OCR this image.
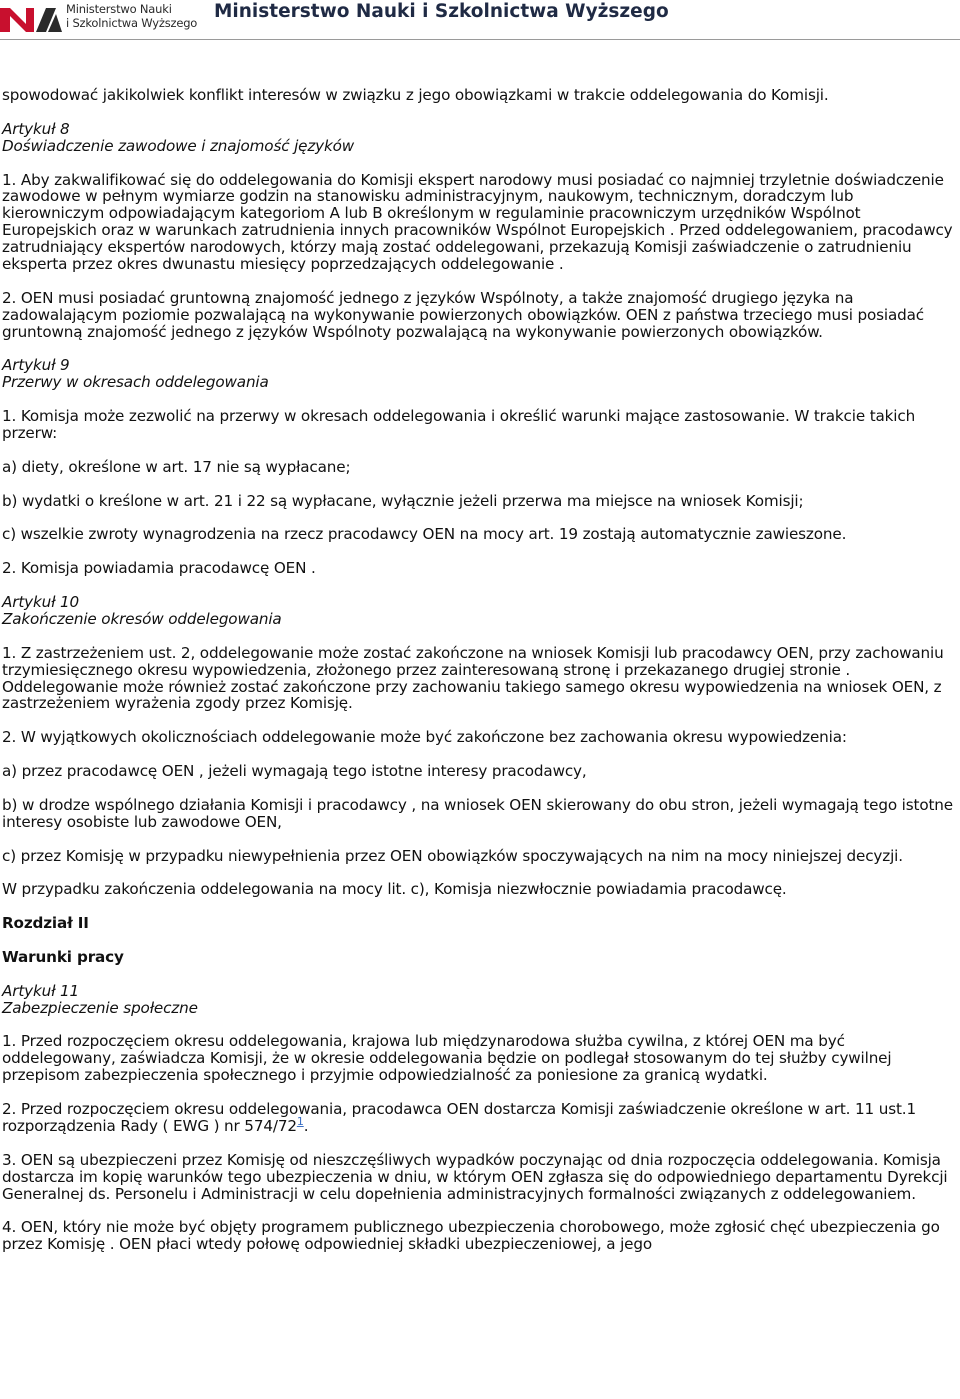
Ministerstwo Nauki
i Szkolnictwa Wyższego
Ministerstwo Nauki i Szkolnictwa Wyższego

spowodować jakikolwiek konflikt interesów w związku z jego obowiązkami w trakcie oddelegowania do Komisji.

Artykuł 8
Doświadczenie zawodowe i znajomość języków

1. Aby zakwalifikować się do oddelegowania do Komisji ekspert narodowy musi posiadać co najmniej trzyletnie doświadczenie zawodowe w pełnym wymiarze godzin na stanowisku administracyjnym, naukowym, technicznym, doradczym lub kierowniczym odpowiadającym kategoriom A lub B określonym w regulaminie pracowniczym urzędników Wspólnot Europejskich oraz w warunkach zatrudnienia innych pracowników Wspólnot Europejskich . Przed oddelegowaniem, pracodawcy zatrudniający ekspertów narodowych, którzy mają zostać oddelegowani, przekazują Komisji zaświadczenie o zatrudnieniu eksperta przez okres dwunastu miesięcy poprzedzających oddelegowanie .

2. OEN musi posiadać gruntowną znajomość jednego z języków Wspólnoty, a także znajomość drugiego języka na zadowalającym poziomie pozwalającą na wykonywanie powierzonych obowiązków. OEN z państwa trzeciego musi posiadać gruntowną znajomość jednego z języków Wspólnoty pozwalającą na wykonywanie powierzonych obowiązków.

Artykuł 9
Przerwy w okresach oddelegowania

1. Komisja może zezwolić na przerwy w okresach oddelegowania i określić warunki mające zastosowanie. W trakcie takich przerw:

a) diety, określone w art. 17 nie są wypłacane;

b) wydatki o kreślone w art. 21 i 22 są wypłacane, wyłącznie jeżeli przerwa ma miejsce na wniosek Komisji;

c) wszelkie zwroty wynagrodzenia na rzecz pracodawcy OEN na mocy art. 19 zostają automatycznie zawieszone.

2. Komisja powiadamia pracodawcę OEN .

Artykuł 10
Zakończenie okresów oddelegowania

1. Z zastrzeżeniem ust. 2, oddelegowanie może zostać zakończone na wniosek Komisji lub pracodawcy OEN, przy zachowaniu trzymiesięcznego okresu wypowiedzenia, złożonego przez zainteresowaną stronę i przekazanego drugiej stronie . Oddelegowanie może również zostać zakończone przy zachowaniu takiego samego okresu wypowiedzenia na wniosek OEN, z zastrzeżeniem wyrażenia zgody przez Komisję.

2. W wyjątkowych okolicznościach oddelegowanie może być zakończone bez zachowania okresu wypowiedzenia:

a) przez pracodawcę OEN , jeżeli wymagają tego istotne interesy pracodawcy,

b) w drodze wspólnego działania Komisji i pracodawcy , na wniosek OEN skierowany do obu stron, jeżeli wymagają tego istotne interesy osobiste lub zawodowe OEN,

c) przez Komisję w przypadku niewypełnienia przez OEN obowiązków spoczywających na nim na mocy niniejszej decyzji.

W przypadku zakończenia oddelegowania na mocy lit. c), Komisja niezwłocznie powiadamia pracodawcę.

Rozdział II

Warunki pracy

Artykuł 11
Zabezpieczenie społeczne

1. Przed rozpoczęciem okresu oddelegowania, krajowa lub międzynarodowa służba cywilna, z której OEN ma być oddelegowany, zaświadcza Komisji, że w okresie oddelegowania będzie on podlegał stosowanym do tej służby cywilnej przepisom zabezpieczenia społecznego i przyjmie odpowiedzialność za poniesione za granicą wydatki.

2. Przed rozpoczęciem okresu oddelegowania, pracodawca OEN dostarcza Komisji zaświadczenie określone w art. 11 ust.1 rozporządzenia Rady ( EWG ) nr 574/72$^1$.

3. OEN są ubezpieczeni przez Komisję od nieszczęśliwych wypadków poczynając od dnia rozpoczęcia oddelegowania. Komisja dostarcza im kopię warunków tego ubezpieczenia w dniu, w którym OEN zgłasza się do odpowiedniego departamentu Dyrekcji Generalnej ds. Personelu i Administracji w celu dopełnienia administracyjnych formalności związanych z oddelegowaniem.

4. OEN, który nie może być objęty programem publicznego ubezpieczenia chorobowego, może zgłosić chęć ubezpieczenia go przez Komisję . OEN płaci wtedy połowę odpowiedniej składki ubezpieczeniowej, a jego
